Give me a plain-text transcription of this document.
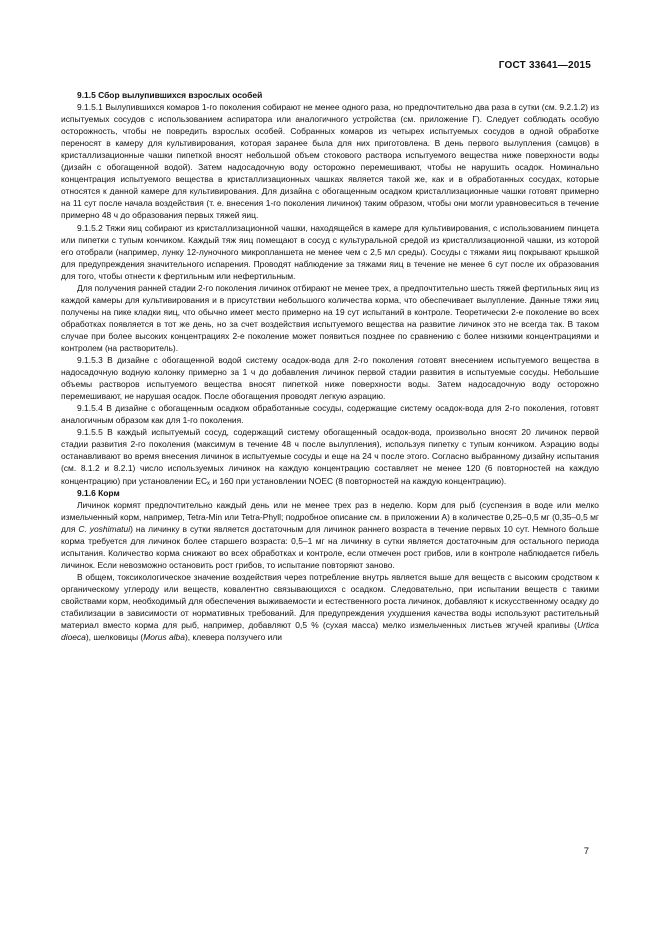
ГОСТ 33641—2015
9.1.5 Сбор вылупившихся взрослых особей

9.1.5.1 Вылупившихся комаров 1-го поколения собирают не менее одного раза, но предпочтительно два раза в сутки (см. 9.2.1.2) из испытуемых сосудов с использованием аспиратора или аналогичного устройства (см. приложение Г). Следует соблюдать особую осторожность, чтобы не повредить взрослых особей. Собранных комаров из четырех испытуемых сосудов в одной обработке переносят в камеру для культивирования, которая заранее была для них приготовлена. В день первого вылупления (самцов) в кристаллизационные чашки пипеткой вносят небольшой объем стокового раствора испытуемого вещества ниже поверхности воды (дизайн с обогащенной водой). Затем надосадочную воду осторожно перемешивают, чтобы не нарушить осадок. Номинально концентрация испытуемого вещества в кристаллизационных чашках является такой же, как и в обработанных сосудах, которые относятся к данной камере для культивирования. Для дизайна с обогащенным осадком кристаллизационные чашки готовят примерно на 11 сут после начала воздействия (т. е. внесения 1-го поколения личинок) таким образом, чтобы они могли уравновеситься в течение примерно 48 ч до образования первых тяжей яиц.

9.1.5.2 Тяжи яиц собирают из кристаллизационной чашки, находящейся в камере для культивирования, с использованием пинцета или пипетки с тупым кончиком. Каждый тяж яиц помещают в сосуд с культуральной средой из кристаллизационной чашки, из которой его отобрали (например, лунку 12-луночного микропланшета не менее чем с 2,5 мл среды). Сосуды с тяжами яиц покрывают крышкой для предупреждения значительного испарения. Проводят наблюдение за тяжами яиц в течение не менее 6 сут после их образования для того, чтобы отнести к фертильным или нефертильным.

Для получения ранней стадии 2-го поколения личинок отбирают не менее трех, а предпочтительно шесть тяжей фертильных яиц из каждой камеры для культивирования и в присутствии небольшого количества корма, что обеспечивает вылупление. Данные тяжи яиц получены на пике кладки яиц, что обычно имеет место примерно на 19 сут испытаний в контроле. Теоретически 2-е поколение во всех обработках появляется в тот же день, но за счет воздействия испытуемого вещества на развитие личинок это не всегда так. В таком случае при более высоких концентрациях 2-е поколение может появиться позднее по сравнению с более низкими концентрациями и контролем (на растворитель).

9.1.5.3 В дизайне с обогащенной водой систему осадок-вода для 2-го поколения готовят внесением испытуемого вещества в надосадочную водную колонку примерно за 1 ч до добавления личинок первой стадии развития в испытуемые сосуды. Небольшие объемы растворов испытуемого вещества вносят пипеткой ниже поверхности воды. Затем надосадочную воду осторожно перемешивают, не нарушая осадок. После обогащения проводят легкую аэрацию.

9.1.5.4 В дизайне с обогащенным осадком обработанные сосуды, содержащие систему осадок-вода для 2-го поколения, готовят аналогичным образом как для 1-го поколения.

9.1.5.5 В каждый испытуемый сосуд, содержащий систему обогащенный осадок-вода, произвольно вносят 20 личинок первой стадии развития 2-го поколения (максимум в течение 48 ч после вылупления), используя пипетку с тупым кончиком. Аэрацию воды останавливают во время внесения личинок в испытуемые сосуды и еще на 24 ч после этого. Согласно выбранному дизайну испытания (см. 8.1.2 и 8.2.1) число используемых личинок на каждую концентрацию составляет не менее 120 (6 повторностей на каждую концентрацию) при установлении $EC_x$ и 160 при установлении NOEC (8 повторностей на каждую концентрацию).

9.1.6 Корм

Личинок кормят предпочтительно каждый день или не менее трех раз в неделю. Корм для рыб (суспензия в воде или мелко измельченный корм, например, Tetra-Min или Tetra-Phyll; подробное описание см. в приложении А) в количестве 0,25–0,5 мг (0,35–0,5 мг для C. yoshimatui) на личинку в сутки является достаточным для личинок раннего возраста в течение первых 10 сут. Немного больше корма требуется для личинок более старшего возраста: 0,5–1 мг на личинку в сутки является достаточным для остального периода испытания. Количество корма снижают во всех обработках и контроле, если отмечен рост грибов, или в контроле наблюдается гибель личинок. Если невозможно остановить рост грибов, то испытание повторяют заново.

В общем, токсикологическое значение воздействия через потребление внутрь является выше для веществ с высоким сродством к органическому углероду или веществ, ковалентно связывающихся с осадком. Следовательно, при испытании веществ с такими свойствами корм, необходимый для обеспечения выживаемости и естественного роста личинок, добавляют к искусственному осадку до стабилизации в зависимости от нормативных требований. Для предупреждения ухудшения качества воды используют растительный материал вместо корма для рыб, например, добавляют 0,5 % (сухая масса) мелко измельченных листьев жгучей крапивы (Urtica dioeca), шелковицы (Morus alba), клевера ползучего или

7
